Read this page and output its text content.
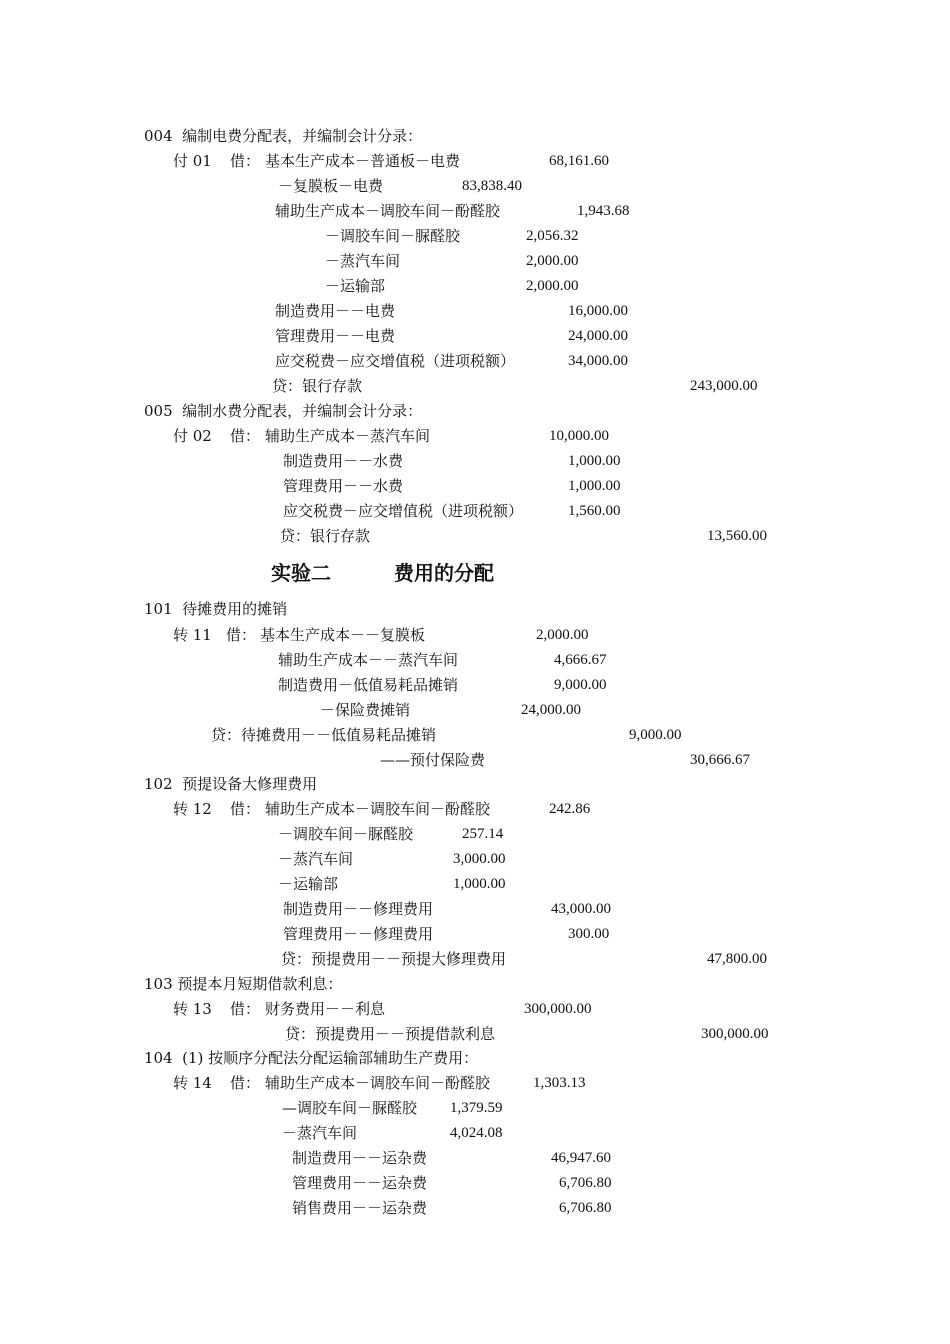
004  编制电费分配表，并编制会计分录：
付 01 借： 基本生产成本－普通板－电费	68,161.60
－复膜板－电费	83,838.40
辅助生产成本－调胶车间－酚醛胶	1,943.68
－调胶车间－脲醛胶	2,056.32
－蒸汽车间	2,000.00
－运输部	2,000.00
制造费用－－电费	16,000.00
管理费用－－电费	24,000.00
应交税费－应交增值税（进项税额）	34,000.00
贷：银行存款	243,000.00
005  编制水费分配表，并编制会计分录：
付 02 借： 辅助生产成本－蒸汽车间	10,000.00
制造费用－－水费	1,000.00
管理费用－－水费	1,000.00
应交税费－应交增值税（进项税额）	1,560.00
贷：银行存款	13,560.00
实验二	费用的分配
101  待摊费用的摊销
转 11 借： 基本生产成本－－复膜板	2,000.00
辅助生产成本－－蒸汽车间	4,666.67
制造费用－低值易耗品摊销	9,000.00
－保险费摊销	24,000.00
贷：待摊费用－－低值易耗品摊销	9,000.00
——预付保险费	30,666.67
102  预提设备大修理费用
转 12 借： 辅助生产成本－调胶车间－酚醛胶	242.86
－调胶车间－脲醛胶	257.14
－蒸汽车间	3,000.00
－运输部	1,000.00
制造费用－－修理费用	43,000.00
管理费用－－修理费用	300.00
贷：预提费用－－预提大修理费用	47,800.00
103 预提本月短期借款利息：
转 13 借： 财务费用－－利息	300,000.00
贷：预提费用－－预提借款利息	300,000.00
104  (1) 按顺序分配法分配运输部辅助生产费用：
转 14 借： 辅助生产成本－调胶车间－酚醛胶	1,303.13
—调胶车间－脲醛胶 1,379.59
－蒸汽车间	4,024.08
制造费用－－运杂费	46,947.60
管理费用－－运杂费	6,706.80
销售费用－－运杂费	6,706.80
